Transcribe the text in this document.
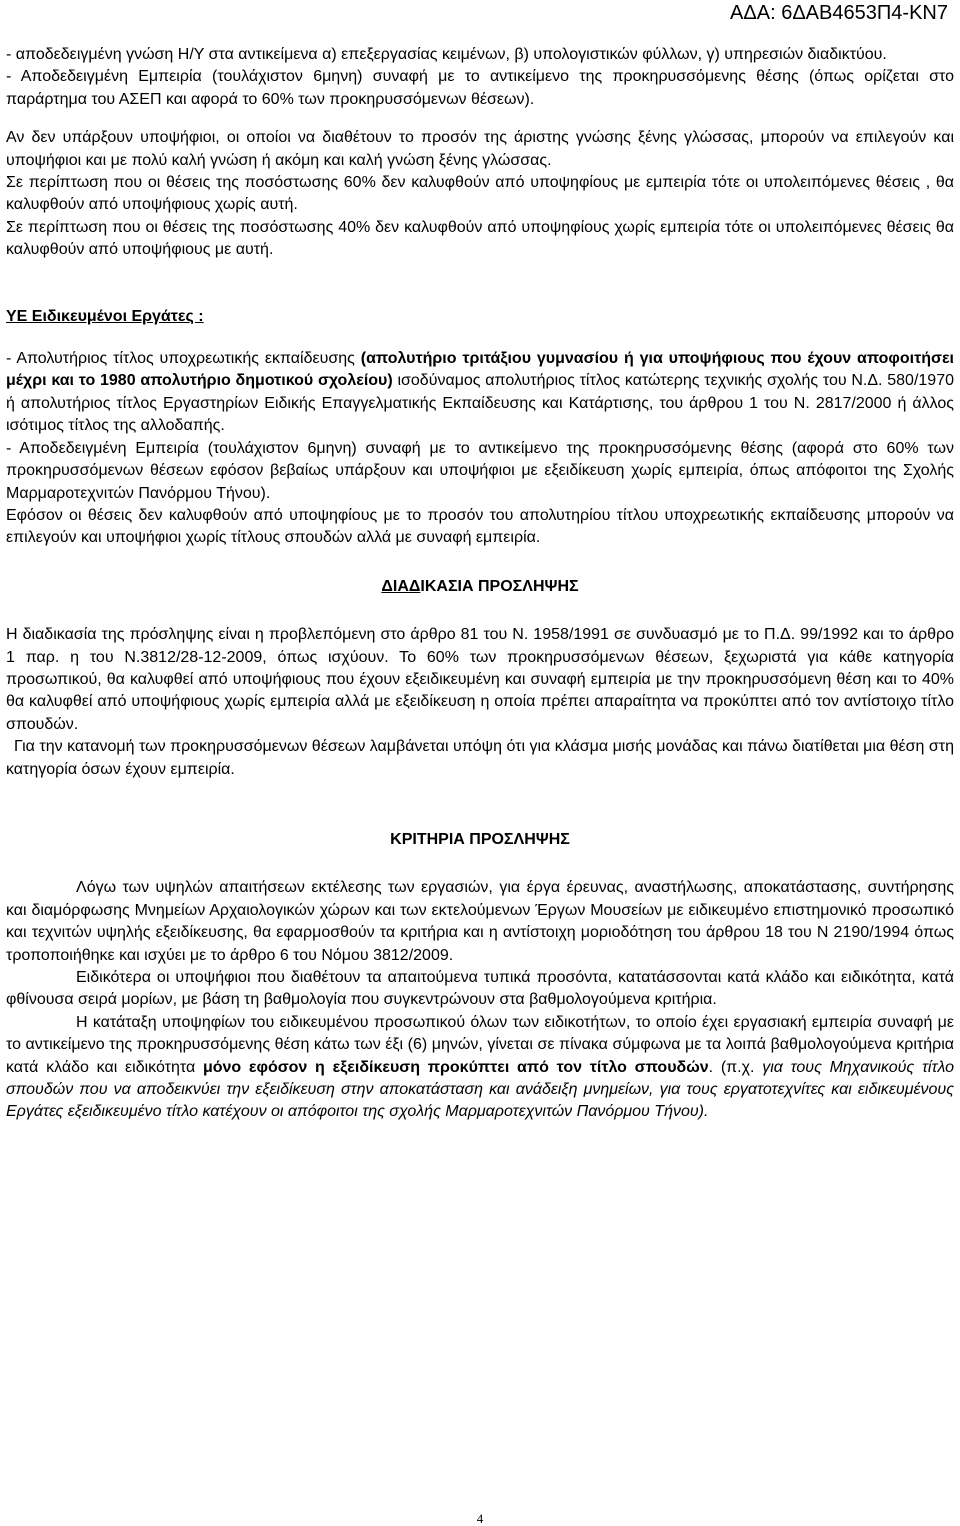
ΑΔΑ: 6ΔΑΒ4653Π4-ΚΝ7

- αποδεδειγμένη γνώση Η/Υ στα αντικείμενα α) επεξεργασίας κειμένων, β) υπολογιστικών φύλλων, γ) υπηρεσιών διαδικτύου.

- Αποδεδειγμένη Εμπειρία (τουλάχιστον 6μηνη) συναφή με το αντικείμενο της προκηρυσσόμενης θέσης (όπως ορίζεται στο παράρτημα του ΑΣΕΠ και αφορά το 60% των προκηρυσσόμενων θέσεων).

Αν δεν υπάρξουν υποψήφιοι, οι οποίοι να διαθέτουν το προσόν της άριστης γνώσης ξένης γλώσσας, μπορούν να επιλεγούν και υποψήφιοι και με πολύ καλή γνώση ή ακόμη και καλή γνώση ξένης γλώσσας.

Σε περίπτωση που οι θέσεις της ποσόστωσης 60% δεν καλυφθούν από υποψηφίους με εμπειρία τότε οι υπολειπόμενες θέσεις , θα καλυφθούν από υποψήφιους χωρίς αυτή.

Σε περίπτωση που οι θέσεις της ποσόστωσης 40% δεν καλυφθούν από υποψηφίους χωρίς εμπειρία τότε οι υπολειπόμενες θέσεις θα καλυφθούν από υποψήφιους με αυτή.

ΥΕ Ειδικευμένοι Εργάτες :

- Απολυτήριος τίτλος υποχρεωτικής εκπαίδευσης (απολυτήριο τριτάξιου γυμνασίου ή για υποψήφιους που έχουν αποφοιτήσει μέχρι και το 1980 απολυτήριο δημοτικού σχολείου) ισοδύναμος απολυτήριος τίτλος κατώτερης τεχνικής σχολής του Ν.Δ. 580/1970 ή απολυτήριος τίτλος Εργαστηρίων Ειδικής Επαγγελματικής Εκπαίδευσης και Κατάρτισης, του άρθρου 1 του Ν. 2817/2000 ή άλλος ισότιμος τίτλος της αλλοδαπής.

- Αποδεδειγμένη Εμπειρία (τουλάχιστον 6μηνη) συναφή με το αντικείμενο της προκηρυσσόμενης θέσης (αφορά στο 60% των προκηρυσσόμενων θέσεων εφόσον βεβαίως υπάρξουν και υποψήφιοι με εξειδίκευση χωρίς εμπειρία, όπως απόφοιτοι της Σχολής Μαρμαροτεχνιτών Πανόρμου Τήνου).

Εφόσον οι θέσεις δεν καλυφθούν από υποψηφίους με το προσόν του απολυτηρίου τίτλου υποχρεωτικής εκπαίδευσης μπορούν να επιλεγούν και υποψήφιοι χωρίς τίτλους σπουδών αλλά με συναφή εμπειρία.

ΔΙΑΔΙΚΑΣΙΑ ΠΡΟΣΛΗΨΗΣ

Η διαδικασία της πρόσληψης είναι η προβλεπόμενη στο άρθρο 81 του Ν. 1958/1991 σε συνδυασμό με το Π.Δ. 99/1992 και το άρθρο 1 παρ. η του Ν.3812/28-12-2009, όπως ισχύουν. Το 60% των προκηρυσσόμενων θέσεων, ξεχωριστά για κάθε κατηγορία προσωπικού, θα καλυφθεί από υποψήφιους που έχουν εξειδικευμένη και συναφή εμπειρία με την προκηρυσσόμενη θέση και το 40% θα καλυφθεί από υποψήφιους χωρίς εμπειρία αλλά με εξειδίκευση η οποία πρέπει απαραίτητα να προκύπτει από τον αντίστοιχο τίτλο σπουδών.

Για την κατανομή των προκηρυσσόμενων θέσεων λαμβάνεται υπόψη ότι για κλάσμα μισής μονάδας και πάνω διατίθεται μια θέση στη κατηγορία όσων έχουν εμπειρία.

ΚΡΙΤΗΡΙΑ ΠΡΟΣΛΗΨΗΣ

Λόγω των υψηλών απαιτήσεων εκτέλεσης των εργασιών, για έργα έρευνας, αναστήλωσης, αποκατάστασης, συντήρησης και διαμόρφωσης Μνημείων Αρχαιολογικών χώρων και των εκτελούμενων Έργων Μουσείων με ειδικευμένο επιστημονικό προσωπικό και τεχνιτών υψηλής εξειδίκευσης, θα εφαρμοσθούν τα κριτήρια και η αντίστοιχη μοριοδότηση του άρθρου 18 του Ν 2190/1994 όπως τροποποιήθηκε και ισχύει με το άρθρο 6 του Νόμου 3812/2009.

Ειδικότερα οι υποψήφιοι που διαθέτουν τα απαιτούμενα τυπικά προσόντα, κατατάσσονται κατά κλάδο και ειδικότητα, κατά φθίνουσα σειρά μορίων, με βάση τη βαθμολογία που συγκεντρώνουν στα βαθμολογούμενα κριτήρια.

Η κατάταξη υποψηφίων του ειδικευμένου προσωπικού όλων των ειδικοτήτων, το οποίο έχει εργασιακή εμπειρία συναφή με το αντικείμενο της προκηρυσσόμενης θέση κάτω των έξι (6) μηνών, γίνεται σε πίνακα σύμφωνα με τα λοιπά βαθμολογούμενα κριτήρια κατά κλάδο και ειδικότητα μόνο εφόσον η εξειδίκευση προκύπτει από τον τίτλο σπουδών. (π.χ. για τους Μηχανικούς τίτλο σπουδών που να αποδεικνύει την εξειδίκευση στην αποκατάσταση και ανάδειξη μνημείων, για τους εργατοτεχνίτες και ειδικευμένους Εργάτες εξειδικευμένο τίτλο κατέχουν οι απόφοιτοι της σχολής Μαρμαροτεχνιτών Πανόρμου Τήνου).

4
